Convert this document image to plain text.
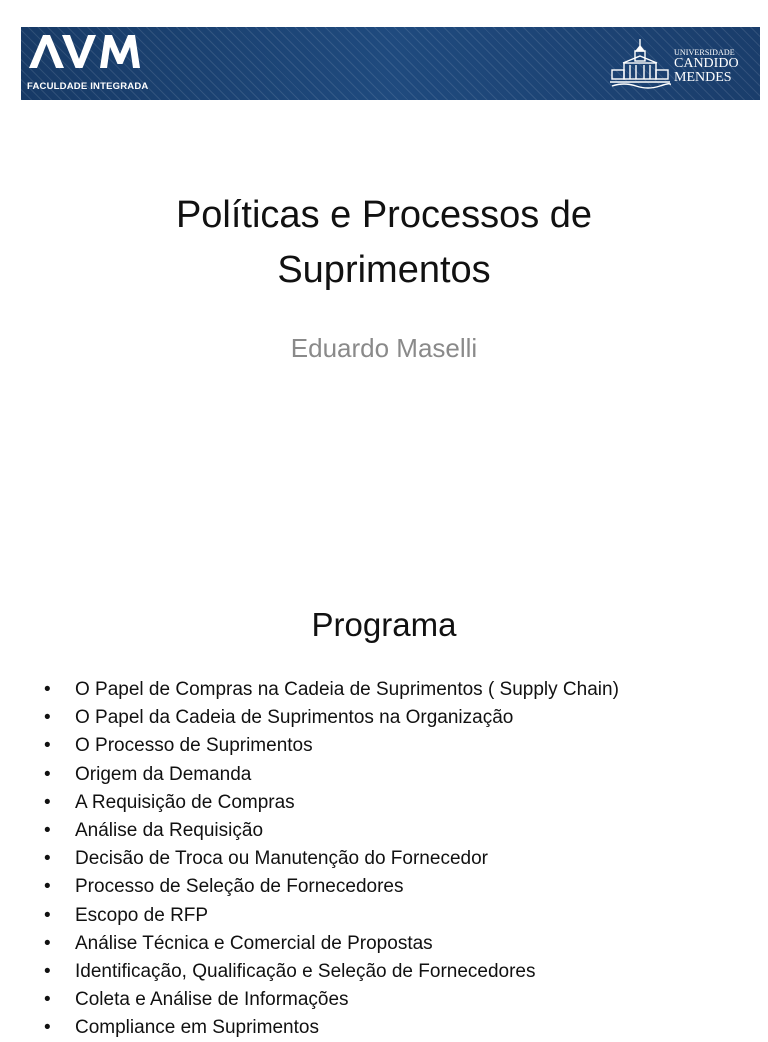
FACULDADE INTEGRADA
UNIVERSIDADE
CANDIDO
MENDES
Políticas e Processos de
Suprimentos
Eduardo Maselli
Programa
• O Papel de Compras na Cadeia de Suprimentos ( Supply Chain)
• O Papel da Cadeia de Suprimentos na Organização
• O Processo de Suprimentos
• Origem da Demanda
• A Requisição de Compras
• Análise da Requisição
• Decisão de Troca ou Manutenção do Fornecedor
• Processo de Seleção de Fornecedores
• Escopo de RFP
• Análise Técnica e Comercial de Propostas
• Identificação, Qualificação e Seleção de Fornecedores
• Coleta e Análise de Informações
• Compliance em Suprimentos
